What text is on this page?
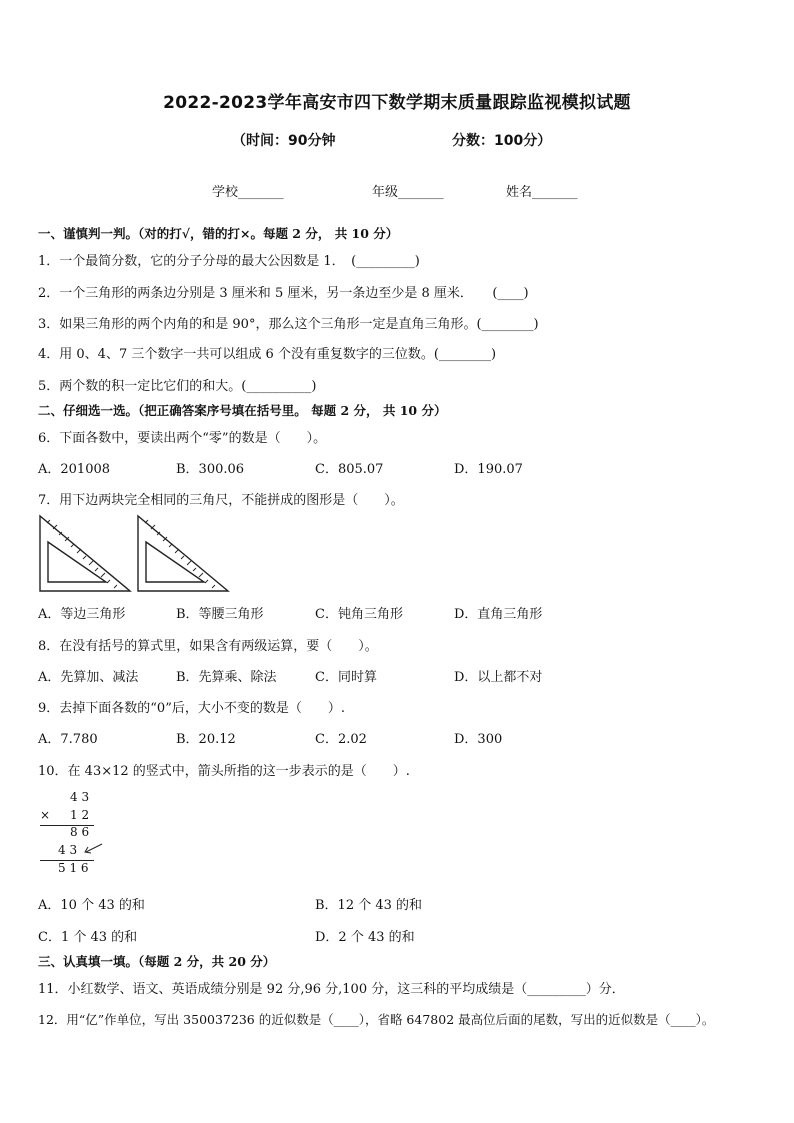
2022-2023学年高安市四下数学期末质量跟踪监视模拟试题
（时间：90分钟	分数：100分）
学校_______	年级_______	姓名_______
一、谨慎判一判。（对的打√，错的打×。每题 2 分， 共 10 分）
1．一个最简分数，它的分子分母的最大公因数是 1．　(_________)
2．一个三角形的两条边分别是 3 厘米和 5 厘米，另一条边至少是 8 厘米．　　(____)
3．如果三角形的两个内角的和是 90°，那么这个三角形一定是直角三角形。(________)
4．用 0、4、7 三个数字一共可以组成 6 个没有重复数字的三位数。(________)
5．两个数的积一定比它们的和大。(__________)
二、仔细选一选。（把正确答案序号填在括号里。 每题 2 分， 共 10 分）
6．下面各数中，要读出两个“零”的数是（　　）。
A．201008	B．300.06	C．805.07	D．190.07
7．用下边两块完全相同的三角尺，不能拼成的图形是（　　）。
A．等边三角形	B．等腰三角形	C．钝角三角形	D．直角三角形
8．在没有括号的算式里，如果含有两级运算，要（　　）。
A．先算加、减法	B．先算乘、除法	C．同时算	D．以上都不对
9．去掉下面各数的“0”后，大小不变的数是（　　）.
A．7.780	B．20.12	C．2.02	D．300
10．在 43×12 的竖式中，箭头所指的这一步表示的是（　　）.
4 3
× 1 2
8 6
4 3
5 1 6
A．10 个 43 的和	B．12 个 43 的和
C．1 个 43 的和	D．2 个 43 的和
三、认真填一填。（每题 2 分，共 20 分）
11．小红数学、语文、英语成绩分别是 92 分,96 分,100 分，这三科的平均成绩是（_________）分．
12．用“亿”作单位，写出 350037236 的近似数是（____），省略 647802 最高位后面的尾数，写出的近似数是（____）。
